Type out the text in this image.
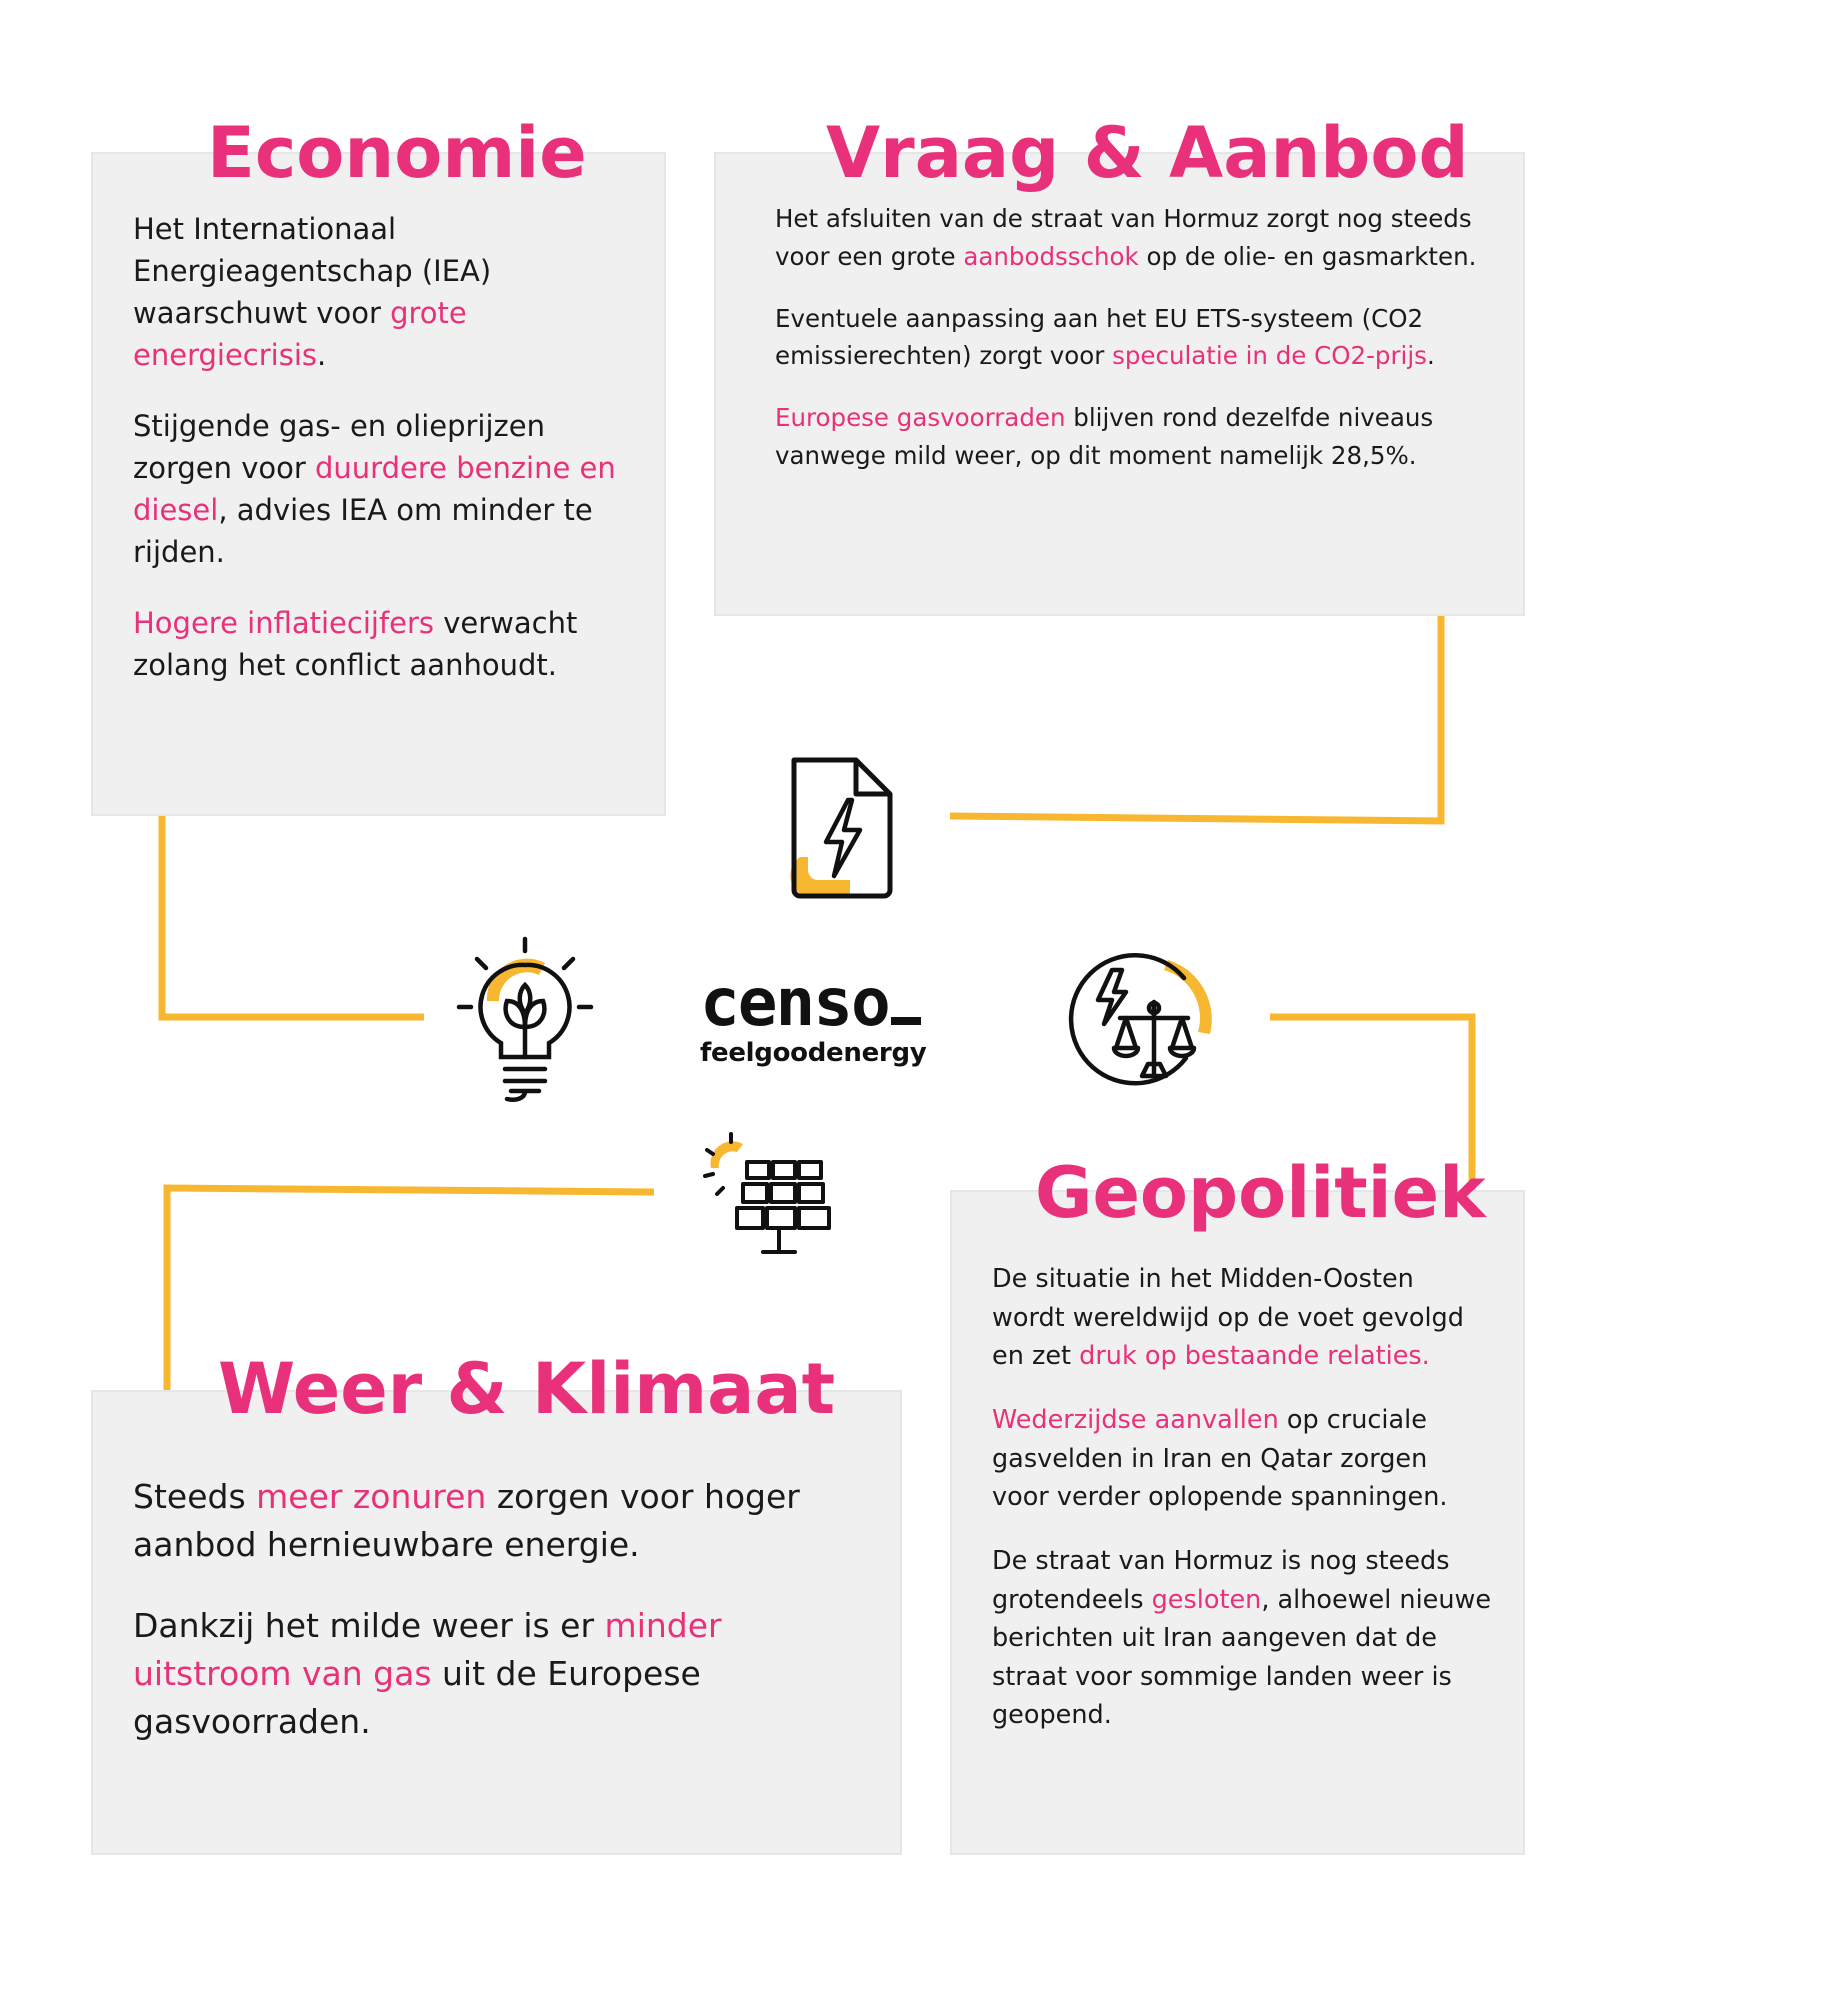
Economie

Het Internationaal Energieagentschap (IEA) waarschuwt voor grote energiecrisis.

Stijgende gas- en olieprijzen zorgen voor duurdere benzine en diesel, advies IEA om minder te rijden.

Hogere inflatiecijfers verwacht zolang het conflict aanhoudt.

Vraag & Aanbod

Het afsluiten van de straat van Hormuz zorgt nog steeds voor een grote aanbodsschok op de olie- en gasmarkten.

Eventuele aanpassing aan het EU ETS-systeem (CO2 emissierechten) zorgt voor speculatie in de CO2-prijs.

Europese gasvoorraden blijven rond dezelfde niveaus vanwege mild weer, op dit moment namelijk 28,5%.

Weer & Klimaat

Steeds meer zonuren zorgen voor hoger aanbod hernieuwbare energie.

Dankzij het milde weer is er minder uitstroom van gas uit de Europese gasvoorraden.

Geopolitiek

De situatie in het Midden-Oosten wordt wereldwijd op de voet gevolgd en zet druk op bestaande relaties.

Wederzijdse aanvallen op cruciale gasvelden in Iran en Qatar zorgen voor verder oplopende spanningen.

De straat van Hormuz is nog steeds grotendeels gesloten, alhoewel nieuwe berichten uit Iran aangeven dat de straat voor sommige landen weer is geopend.

censo
feelgoodenergy
